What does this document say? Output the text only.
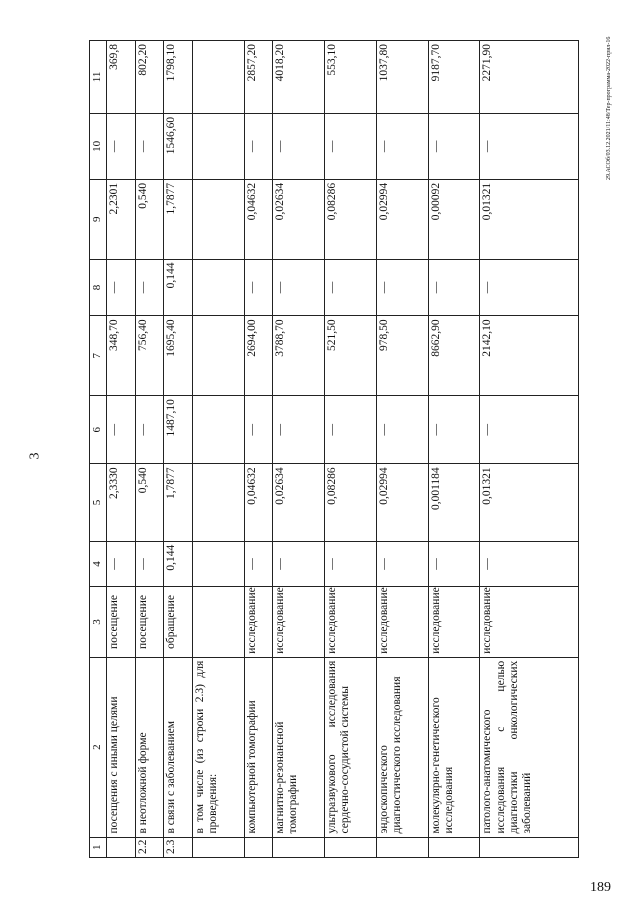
3
29.АСОб/03.12.2021/11:48/Тер-программа-2022-прил-16
1	2	3	4	5	6	7	8	9	10	11
	посещения с иными целями	посещение	—	2,3330	—	348,70	—	2,2301	—	369,8
2.2	в неотложной форме	посещение	—	0,540	—	756,40	—	0,540	—	802,20
2.3	в связи с заболеванием	обращение	0,144	1,7877	1487,10	1695,40	0,144	1,7877	1546,60	1798,10
	в том числе (из строки 2.3) для проведения:									
	компьютерной томографии	исследование	—	0,04632	—	2694,00	—	0,04632	—	2857,20
	магнитно-резонансной томографии	исследование	—	0,02634	—	3788,70	—	0,02634	—	4018,20
	ультразвукового исследования сердечно-сосудистой системы	исследование	—	0,08286	—	521,50	—	0,08286	—	553,10
	эндоскопического диагностического исследования	исследование	—	0,02994	—	978,50	—	0,02994	—	1037,80
	молекулярно-генетического исследования	исследование	—	0,001184	—	8662,90	—	0,00092	—	9187,70
	патолого-анатомического исследования с целью диагностики онкологических заболеваний	исследование	—	0,01321	—	2142,10	—	0,01321	—	2271,90
189
